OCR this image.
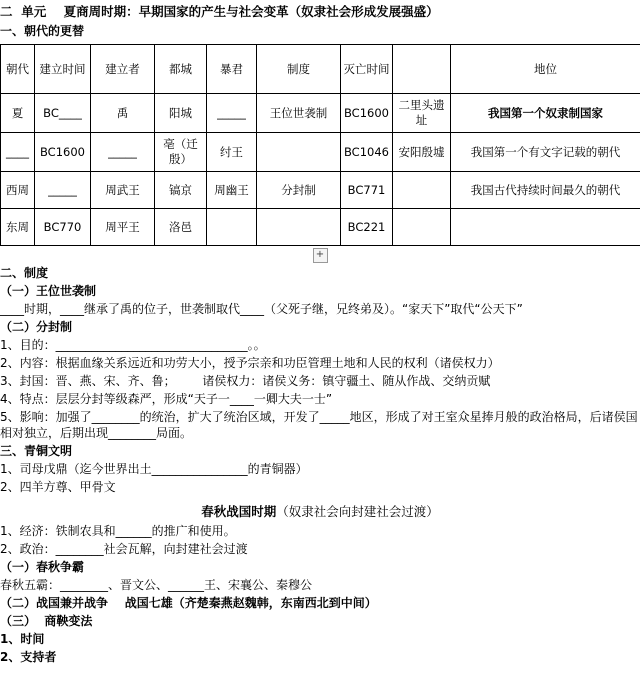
二  单元    夏商周时期：早期国家的产生与社会变革（奴隶社会形成发展强盛）
一、朝代的更替
朝代	建立时间	建立者	都城	暴君	制度	灭亡时间		地位
夏	BC____	禹	阳城	_____	王位世袭制	BC1600	二里头遗址	我国第一个奴隶制国家
____	BC1600	_____	亳（迁殷）	纣王		BC1046	安阳殷墟	我国第一个有文字记载的朝代
西周	_____	周武王	镐京	周幽王	分封制	BC771		我国古代持续时间最久的朝代
东周	BC770	周平王	洛邑			BC221		
+
二、制度
（一）王位世袭制
____时期，____继承了禹的位子，世袭制取代____（父死子继，兄终弟及）。“家天下”取代“公天下”
（二）分封制
1、目的：________________________________。。
2、内容：根据血缘关系远近和功劳大小，授予宗亲和功臣管理土地和人民的权利（诸侯权力）
3、封国：晋、燕、宋、齐、鲁；       诸侯权力：诸侯义务：镇守疆土、随从作战、交纳贡赋
4、特点：层层分封等级森严，形成“天子一____一卿大夫一士”
5、影响：加强了________的统治，扩大了统治区域，开发了_____地区，形成了对王室众星捧月般的政治格局，后诸侯国相对独立，后期出现________局面。
三、青铜文明
1、司母戊鼎（迄今世界出土________________的青铜器）
2、四羊方尊、甲骨文
春秋战国时期（奴隶社会向封建社会过渡）
1、经济：铁制农具和______的推广和使用。
2、政治：________社会瓦解，向封建社会过渡
（一）春秋争霸
春秋五霸：________、晋文公、______王、宋襄公、秦穆公
（二）战国兼并战争    战国七雄（齐楚秦燕赵魏韩，东南西北到中间）
（三）  商鞅变法
1、时间
2、支持者
